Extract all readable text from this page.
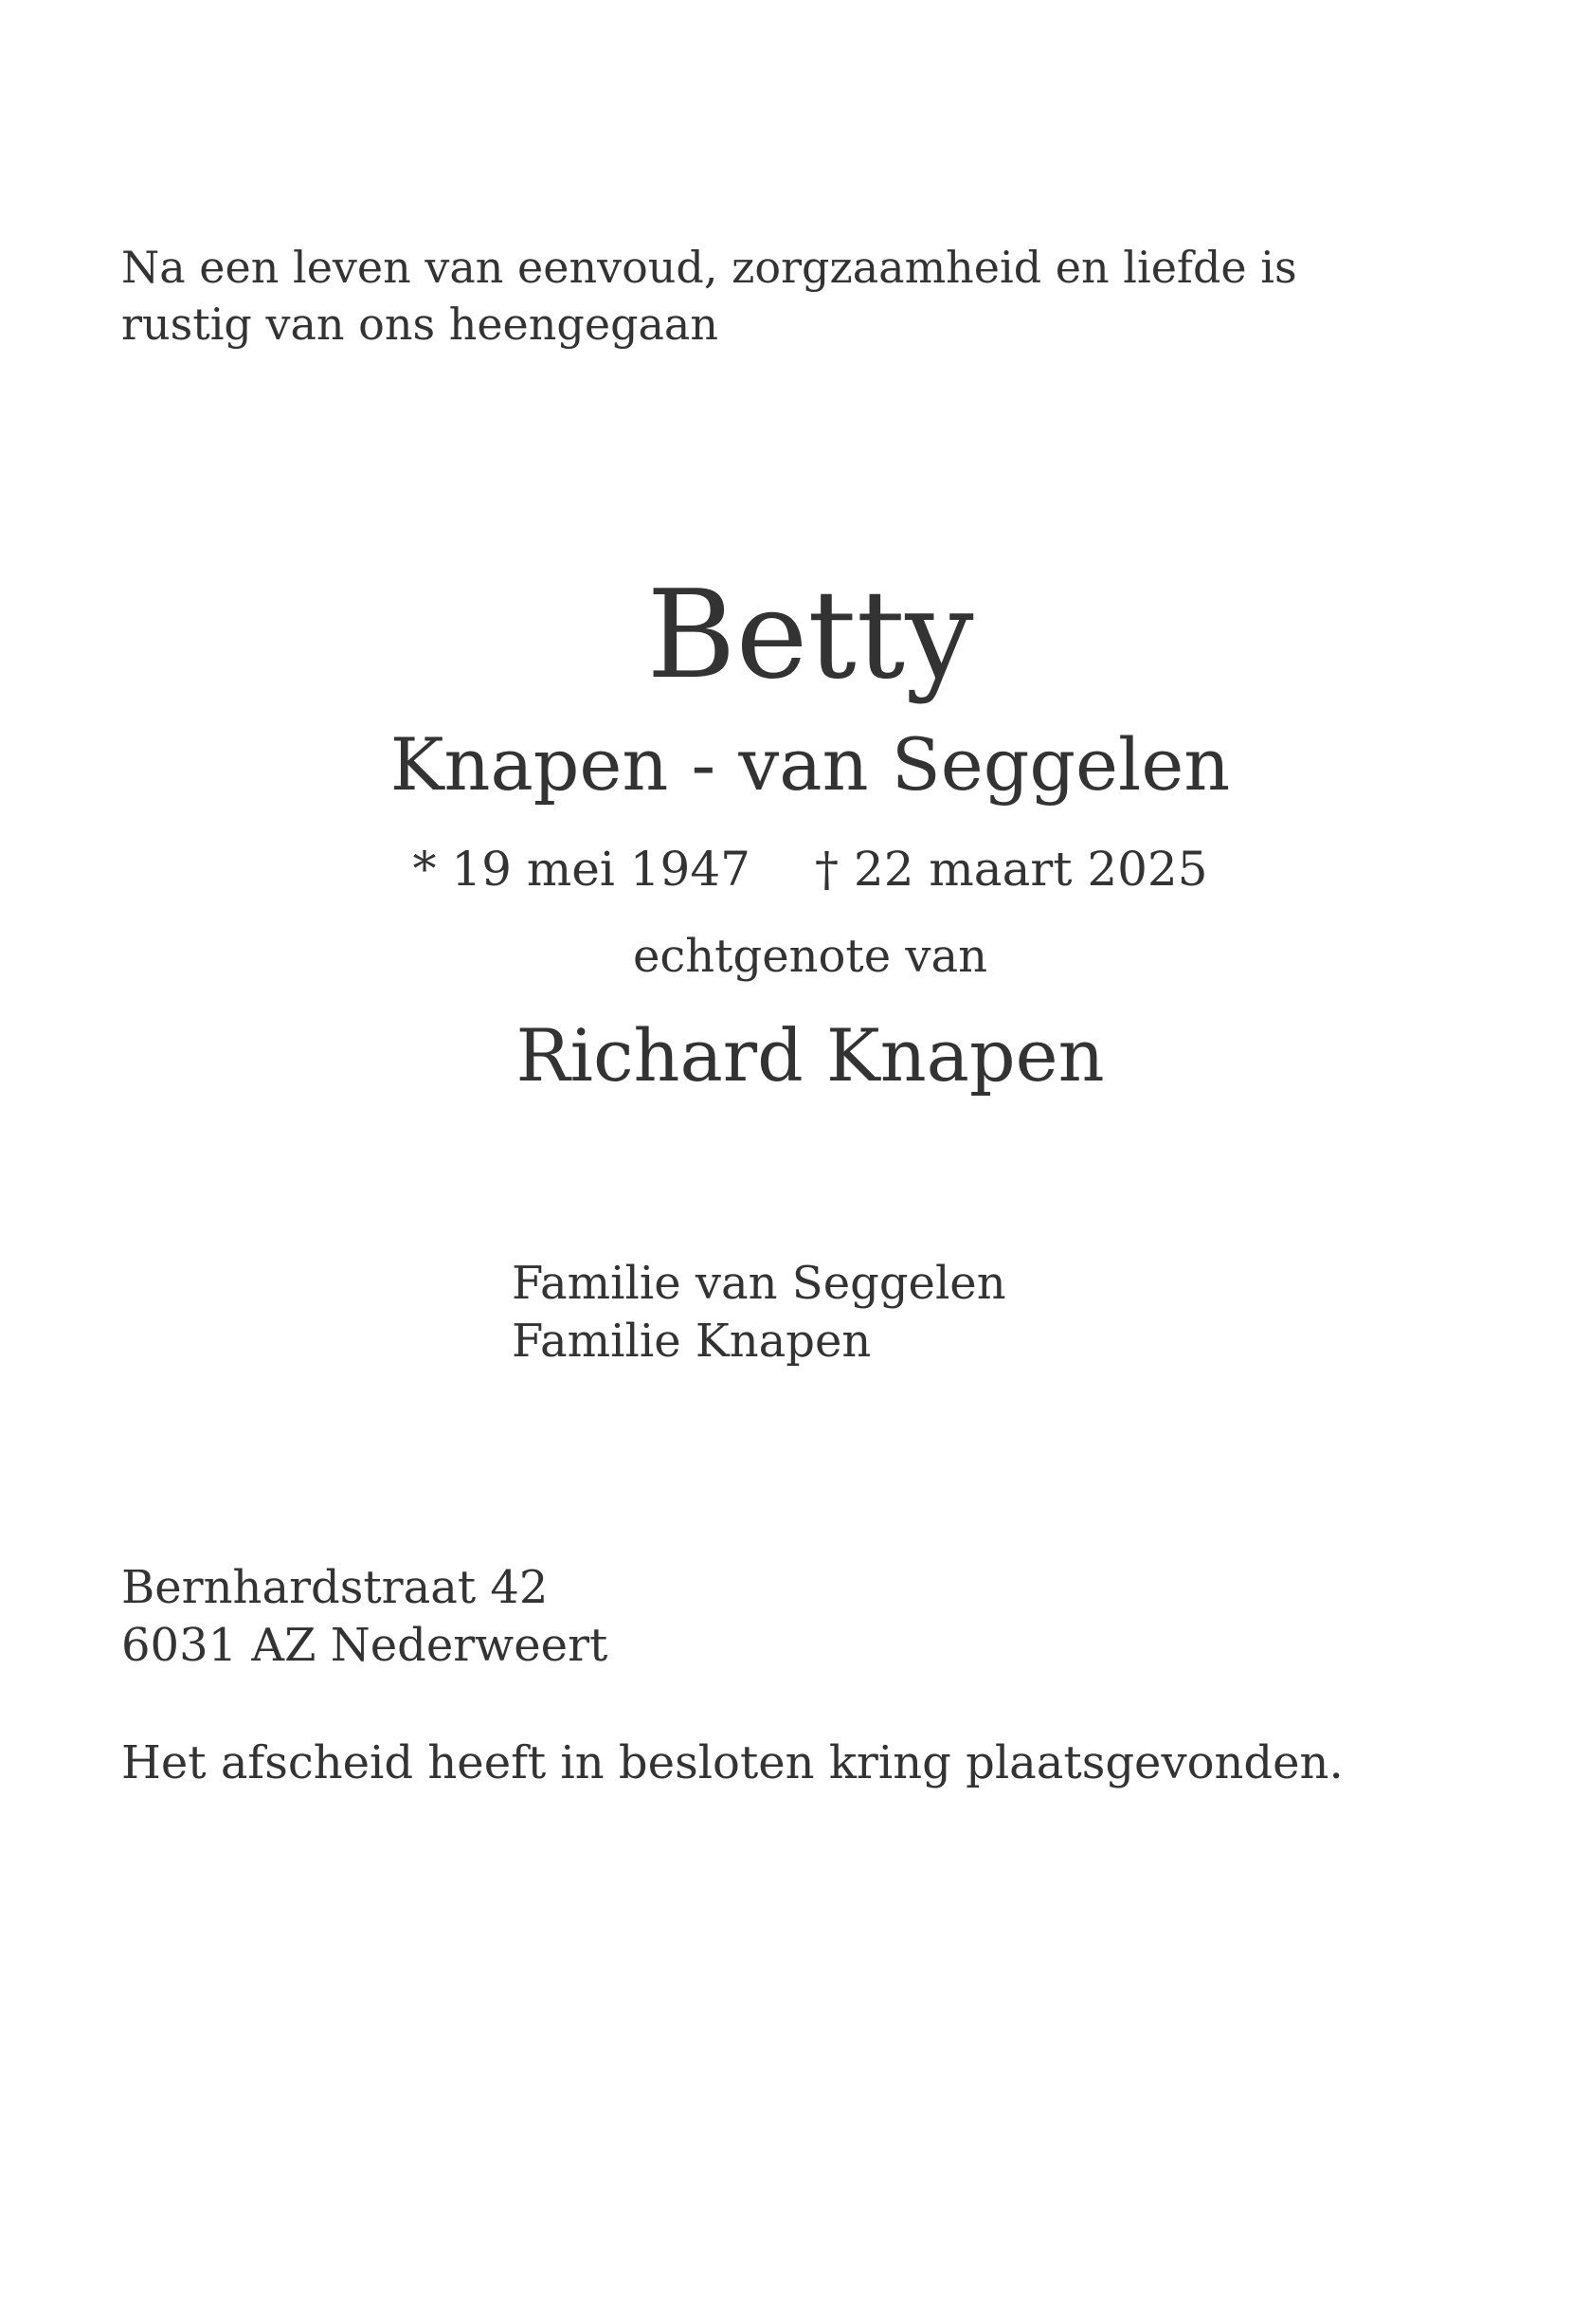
Na een leven van eenvoud, zorgzaamheid en liefde is
rustig van ons heengegaan
Betty
Knapen - van Seggelen
* 19 mei 1947 † 22 maart 2025
echtgenote van
Richard Knapen
Familie van Seggelen
Familie Knapen
Bernhardstraat 42
6031 AZ Nederweert
Het afscheid heeft in besloten kring plaatsgevonden.
